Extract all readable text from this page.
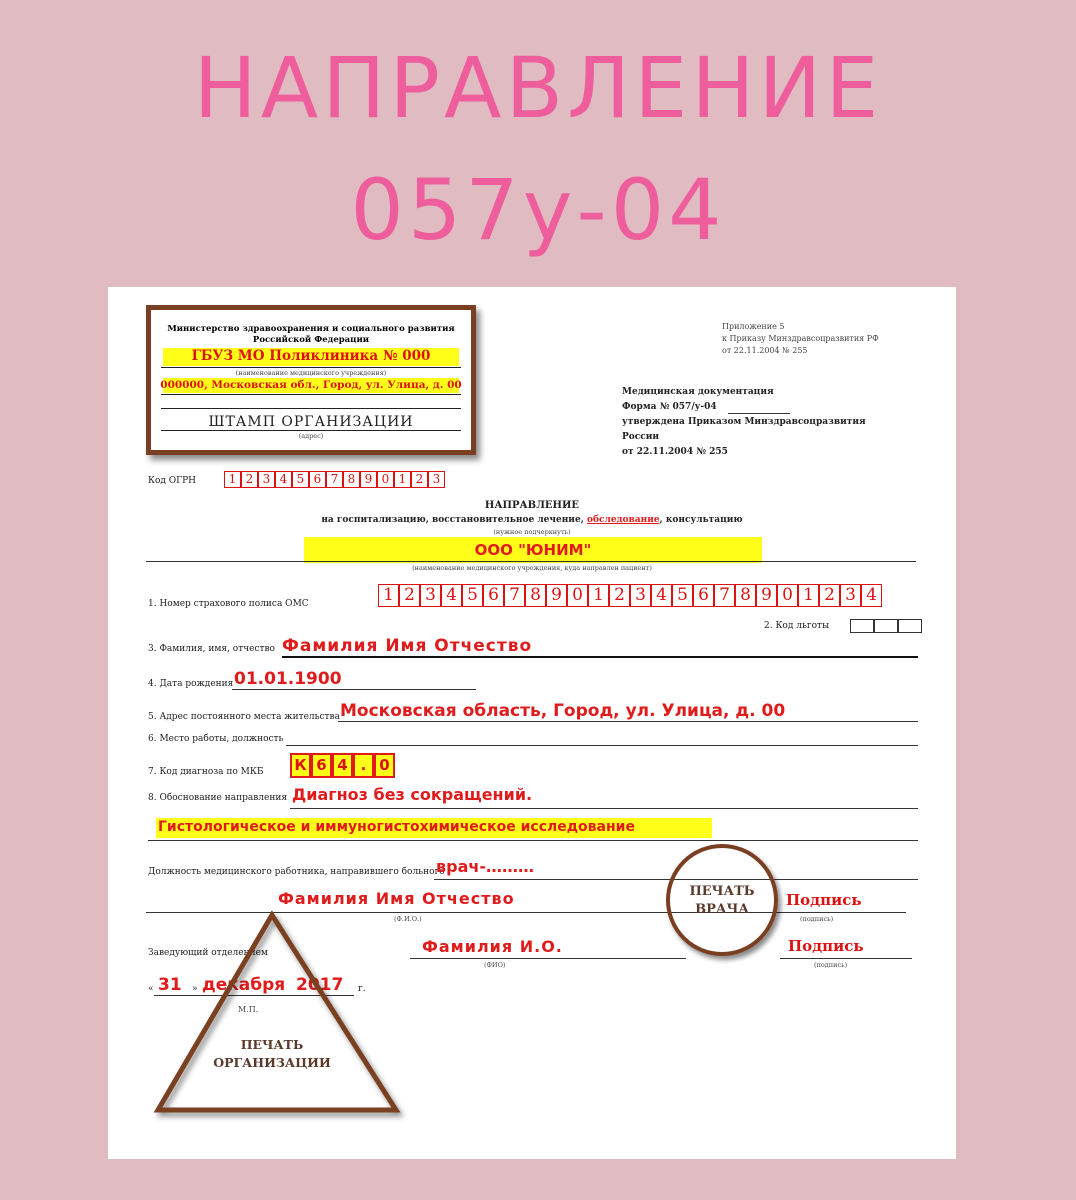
НАПРАВЛЕНИЕ
057у-04
Министерство здравоохранения и социального развития
Российской Федерации
ГБУЗ МО Поликлиника № 000
(наименование медицинского учреждения)
000000, Московская обл., Город, ул. Улица, д. 00
ШТАМП ОРГАНИЗАЦИИ
(адрес)
Приложение 5
к Приказу Минздравсоцразвития РФ
от 22.11.2004 № 255
Медицинская документация
Форма № 057/у-04
утверждена Приказом Минздравсоцразвития
России
от 22.11.2004 № 255
Код ОГРН	1 2 3 4 5 6 7 8 9 0 1 2 3
НАПРАВЛЕНИЕ
на госпитализацию, восстановительное лечение, обследование, консультацию
(нужное подчеркнуть)
ООО "ЮНИМ"
(наименование медицинского учреждения, куда направлен пациент)
1. Номер страхового полиса ОМС	1 2 3 4 5 6 7 8 9 0 1 2 3 4 5 6 7 8 9 0 1 2 3 4
2. Код льготы
3. Фамилия, имя, отчество Фамилия Имя Отчество
4. Дата рождения 01.01.1900
5. Адрес постоянного места жительства Московская область, Город, ул. Улица, д. 00
6. Место работы, должность
7. Код диагноза по МКБ К 6 4 . 0
8. Обоснование направления Диагноз без сокращений.
Гистологическое и иммуногистохимическое исследование
Должность медицинского работника, направившего больного
врач-………
Фамилия Имя Отчество
(Ф.И.О.)
Подпись
(подпись)
Заведующий отделением	Фамилия И.О.
(ФИО)
Подпись
(подпись)
« 31 » декабря 2017 г.
М.П.
ПЕЧАТЬ
ВРАЧА
ПЕЧАТЬ
ОРГАНИЗАЦИИ
